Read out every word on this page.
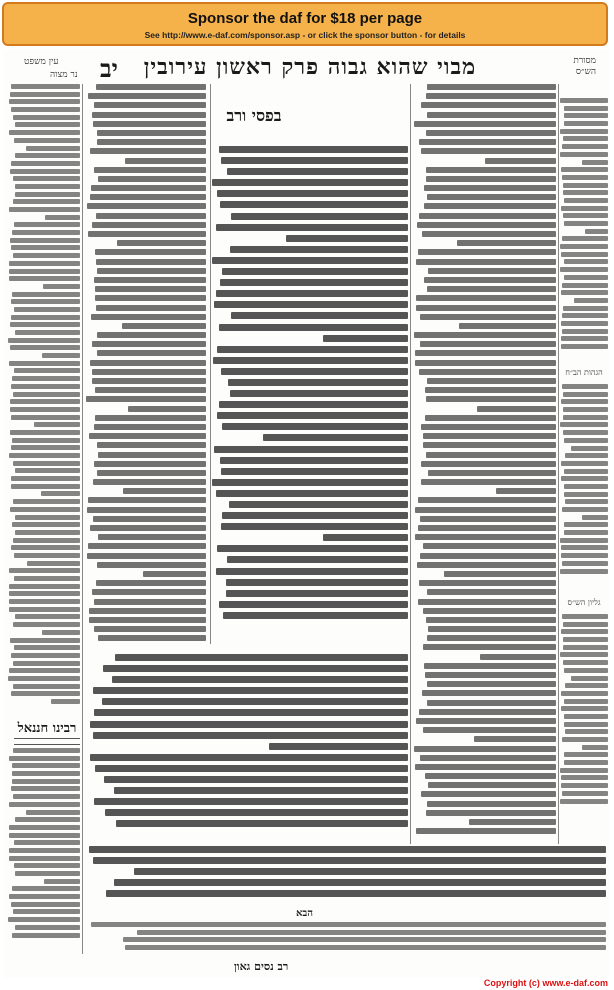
Sponsor the daf for $18 per page
See http://www.e-daf.com/sponsor.asp - or click the sponsor button - for details
עין משפט
נר מצוה יב מבוי שהוא גבוה פרק ראשון עירובין	מסורת הש״ס
רבינו חננאל
בפסי ורב
הגהות הב״ח
גליון הש״ס
הבא
רב נסים גאון
Copyright (c) www.e-daf.com
